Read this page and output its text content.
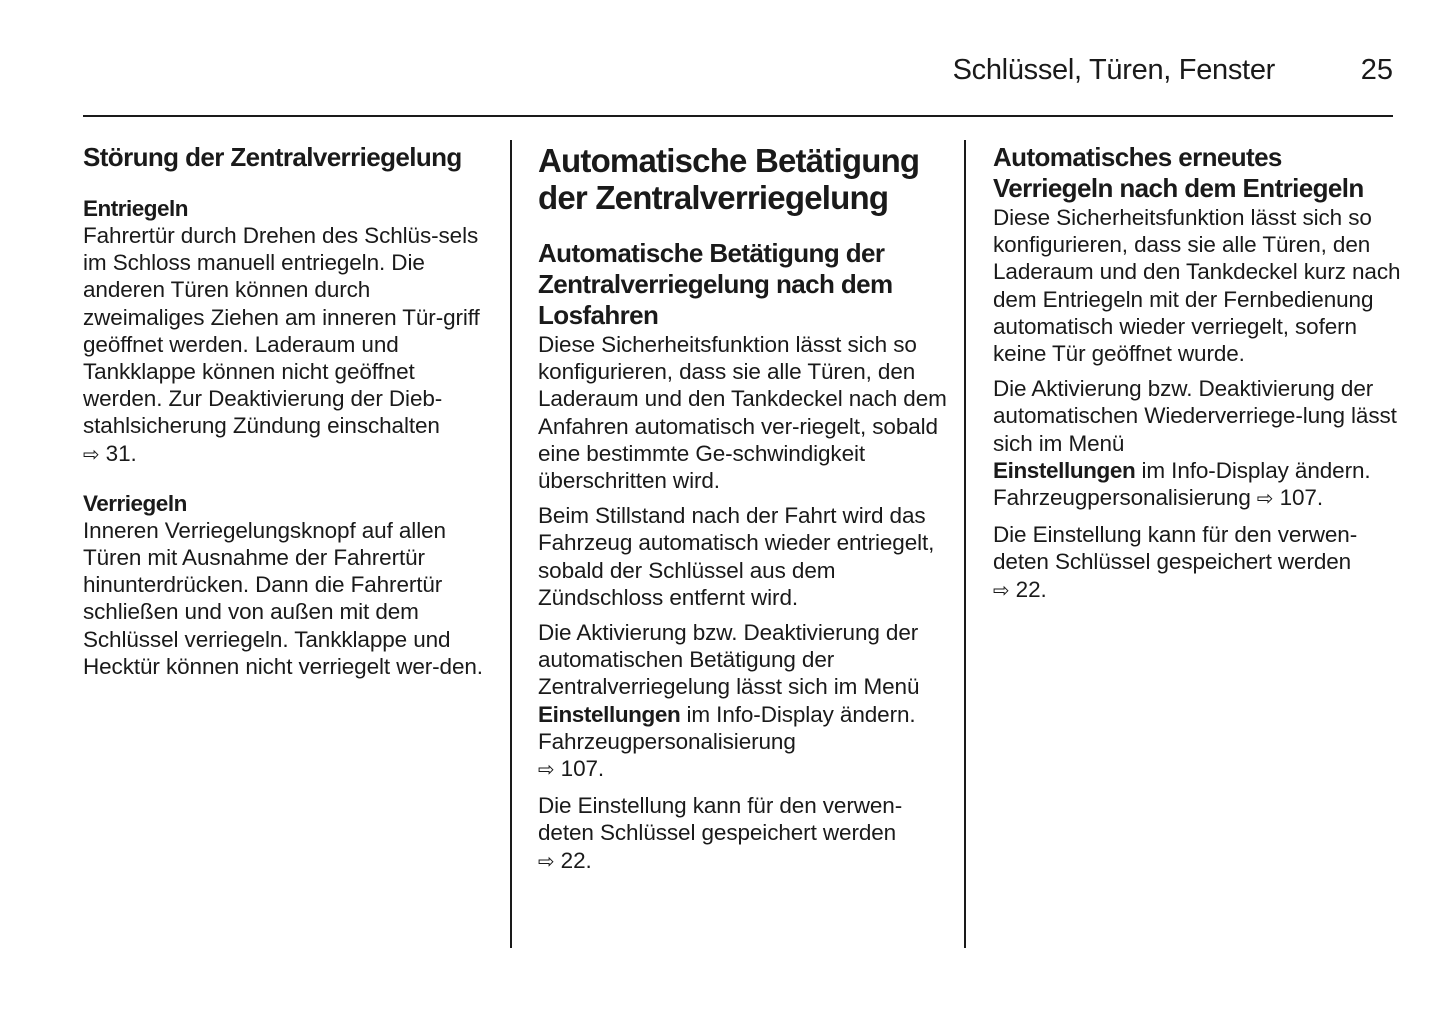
Schlüssel, Türen, Fenster	25
Störung der Zentralverriegelung
Entriegeln

Fahrertür durch Drehen des Schlüs-sels im Schloss manuell entriegeln. Die anderen Türen können durch zweimaliges Ziehen am inneren Tür-griff geöffnet werden. Laderaum und Tankklappe können nicht geöffnet werden. Zur Deaktivierung der Dieb-stahlsicherung Zündung einschalten
⇨ 31.

Verriegeln

Inneren Verriegelungsknopf auf allen Türen mit Ausnahme der Fahrertür hinunterdrücken. Dann die Fahrertür schließen und von außen mit dem Schlüssel verriegeln. Tankklappe und Hecktür können nicht verriegelt wer-den.

Automatische Betätigung der Zentralverriegelung
Automatische Betätigung der Zentralverriegelung nach dem Losfahren

Diese Sicherheitsfunktion lässt sich so konfigurieren, dass sie alle Türen, den Laderaum und den Tankdeckel nach dem Anfahren automatisch ver-riegelt, sobald eine bestimmte Ge-schwindigkeit überschritten wird.

Beim Stillstand nach der Fahrt wird das Fahrzeug automatisch wieder entriegelt, sobald der Schlüssel aus dem Zündschloss entfernt wird.

Die Aktivierung bzw. Deaktivierung der automatischen Betätigung der Zentralverriegelung lässt sich im Menü Einstellungen im Info-Display ändern. Fahrzeugpersonalisierung
⇨ 107.

Die Einstellung kann für den verwen-deten Schlüssel gespeichert werden
⇨ 22.

Automatisches erneutes Verriegeln nach dem Entriegeln

Diese Sicherheitsfunktion lässt sich so konfigurieren, dass sie alle Türen, den Laderaum und den Tankdeckel kurz nach dem Entriegeln mit der Fernbedienung automatisch wieder verriegelt, sofern keine Tür geöffnet wurde.

Die Aktivierung bzw. Deaktivierung der automatischen Wiederverriege-lung lässt sich im Menü
Einstellungen im Info-Display ändern. Fahrzeugpersonalisierung ⇨ 107.

Die Einstellung kann für den verwen-deten Schlüssel gespeichert werden
⇨ 22.
